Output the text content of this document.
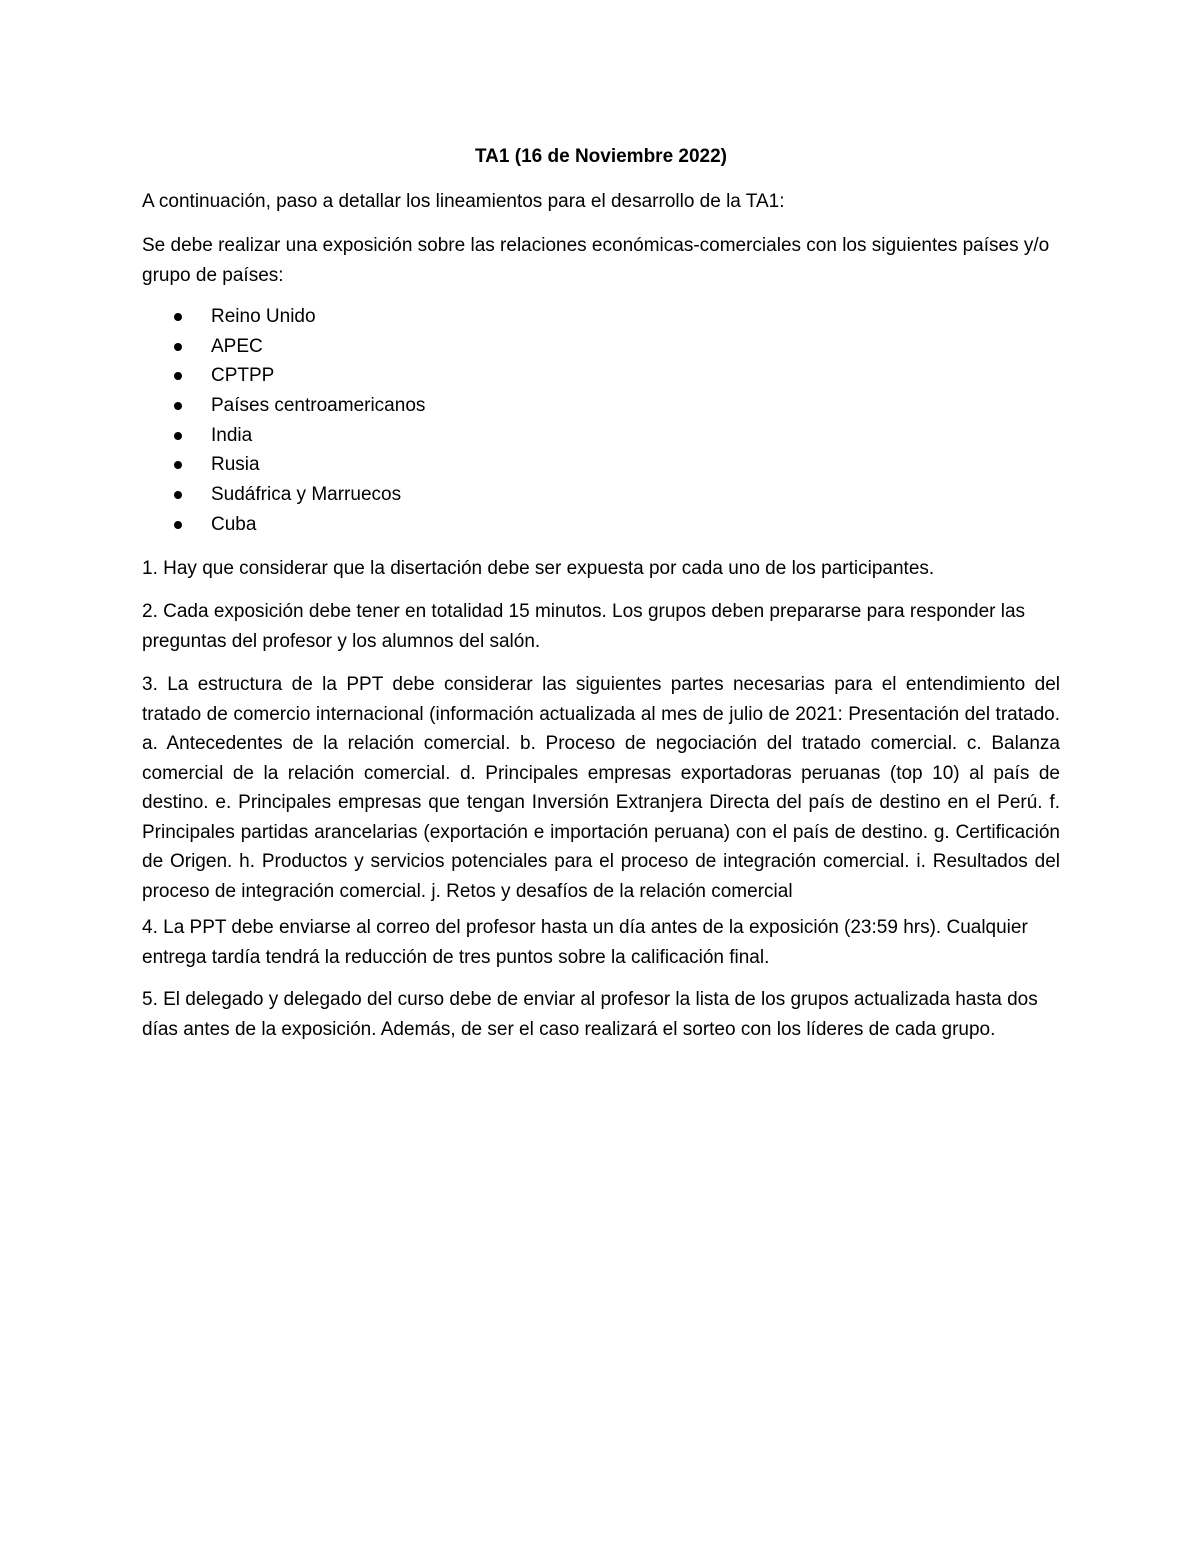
TA1 (16 de Noviembre 2022)
A continuación, paso a detallar los lineamientos para el desarrollo de la TA1:
Se debe realizar una exposición sobre las relaciones económicas-comerciales con los siguientes países y/o grupo de países:
Reino Unido
APEC
CPTPP
Países centroamericanos
India
Rusia
Sudáfrica y Marruecos
Cuba
1. Hay que considerar que la disertación debe ser expuesta por cada uno de los participantes.
2. Cada exposición debe tener en totalidad 15 minutos. Los grupos deben prepararse para responder las preguntas del profesor y los alumnos del salón.
3. La estructura de la PPT debe considerar las siguientes partes necesarias para el entendimiento del tratado de comercio internacional (información actualizada al mes de julio de 2021: Presentación del tratado. a. Antecedentes de la relación comercial. b. Proceso de negociación del tratado comercial. c. Balanza comercial de la relación comercial. d. Principales empresas exportadoras peruanas (top 10) al país de destino. e. Principales empresas que tengan Inversión Extranjera Directa del país de destino en el Perú. f. Principales partidas arancelarias (exportación e importación peruana) con el país de destino. g. Certificación de Origen. h. Productos y servicios potenciales para el proceso de integración comercial. i. Resultados del proceso de integración comercial. j. Retos y desafíos de la relación comercial
4. La PPT debe enviarse al correo del profesor hasta un día antes de la exposición (23:59 hrs). Cualquier entrega tardía tendrá la reducción de tres puntos sobre la calificación final.
5. El delegado y delegado del curso debe de enviar al profesor la lista de los grupos actualizada hasta dos días antes de la exposición. Además, de ser el caso realizará el sorteo con los líderes de cada grupo.
